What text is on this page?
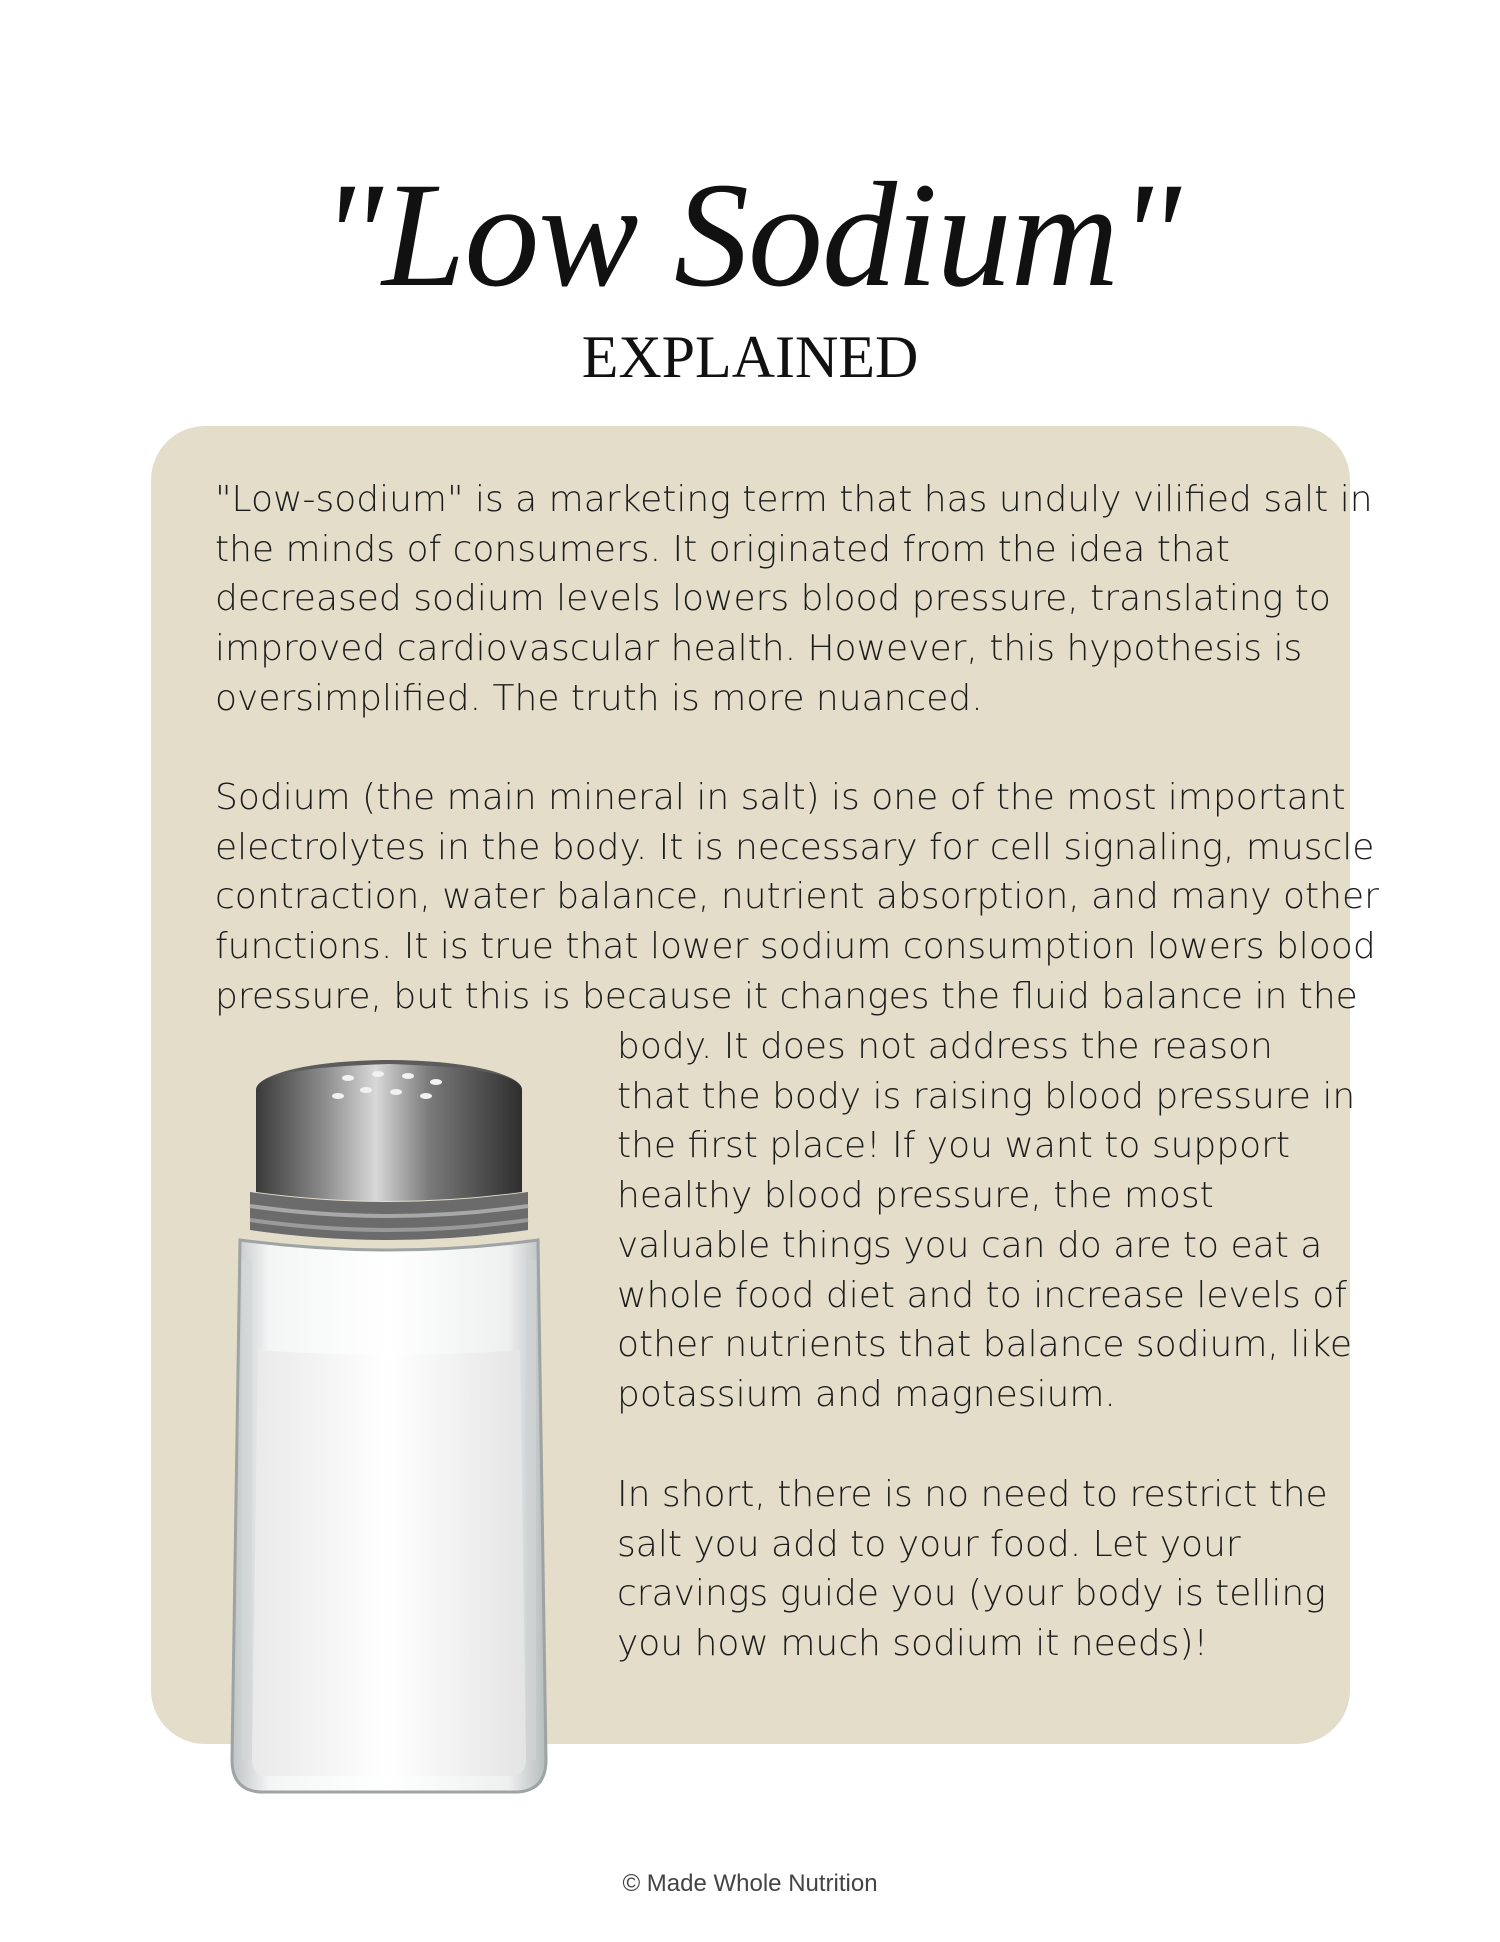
"Low Sodium"
EXPLAINED
"Low-sodium" is a marketing term that has unduly vilified salt in
the minds of consumers. It originated from the idea that
decreased sodium levels lowers blood pressure, translating to
improved cardiovascular health. However, this hypothesis is
oversimplified. The truth is more nuanced.
Sodium (the main mineral in salt) is one of the most important
electrolytes in the body. It is necessary for cell signaling, muscle
contraction, water balance, nutrient absorption, and many other
functions. It is true that lower sodium consumption lowers blood
pressure, but this is because it changes the fluid balance in the
body. It does not address the reason
that the body is raising blood pressure in
the first place! If you want to support
healthy blood pressure, the most
valuable things you can do are to eat a
whole food diet and to increase levels of
other nutrients that balance sodium, like
potassium and magnesium.
In short, there is no need to restrict the
salt you add to your food. Let your
cravings guide you (your body is telling
you how much sodium it needs)!
© Made Whole Nutrition
